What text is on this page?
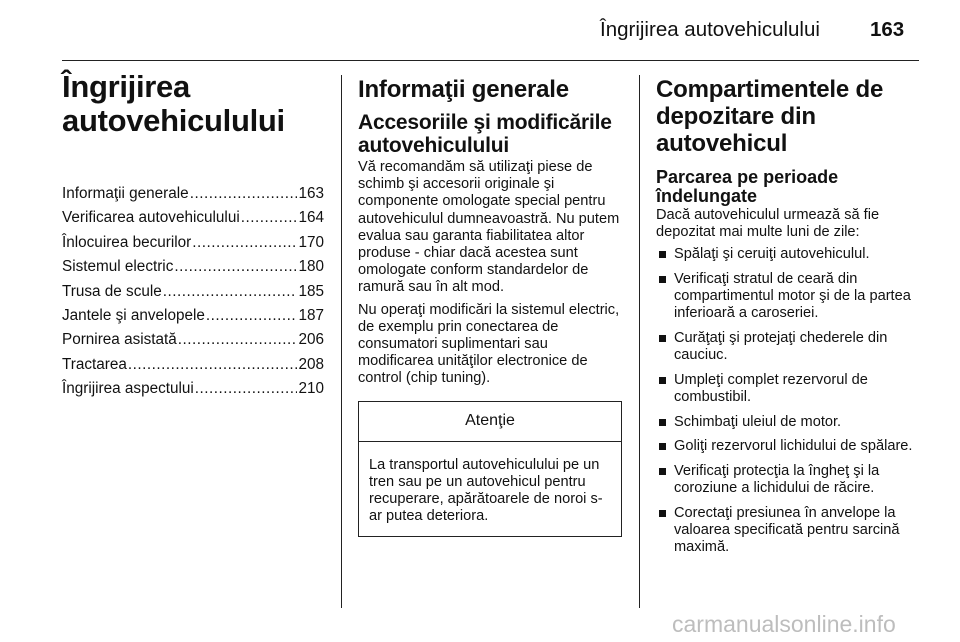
Îngrijirea autovehiculului 163
Îngrijirea
autovehiculului
Informaţii generale .....	163
Verificarea autovehiculului .....	164
Înlocuirea becurilor .....	170
Sistemul electric .....	180
Trusa de scule .....	185
Jantele şi anvelopele .....	187
Pornirea asistată .....	206
Tractarea .....	208
Îngrijirea aspectului .....	210
Informaţii generale
Accesoriile şi modificările autovehiculului

Vă recomandăm să utilizaţi piese de schimb şi accesorii originale şi componente omologate special pentru autovehiculul dumneavoastră. Nu putem evalua sau garanta fiabilitatea altor produse - chiar dacă acestea sunt omologate conform standardelor de ramură sau în alt mod.

Nu operaţi modificări la sistemul electric, de exemplu prin conectarea de consumatori suplimentari sau modificarea unităţilor electronice de control (chip tuning).

Atenţie
La transportul autovehiculului pe un tren sau pe un autovehicul pentru recuperare, apărătoarele de noroi s-ar putea deteriora.
Compartimentele de depozitare din autovehicul
Parcarea pe perioade îndelungate

Dacă autovehiculul urmează să fie depozitat mai multe luni de zile:

Spălaţi şi ceruiţi autovehiculul.
Verificaţi stratul de ceară din compartimentul motor şi de la partea inferioară a caroseriei.
Curăţaţi şi protejaţi chederele din cauciuc.
Umpleţi complet rezervorul de combustibil.
Schimbaţi uleiul de motor.
Goliţi rezervorul lichidului de spălare.
Verificaţi protecţia la îngheţ şi la coroziune a lichidului de răcire.
Corectaţi presiunea în anvelope la valoarea specificată pentru sarcină maximă.
carmanualsonline.info
